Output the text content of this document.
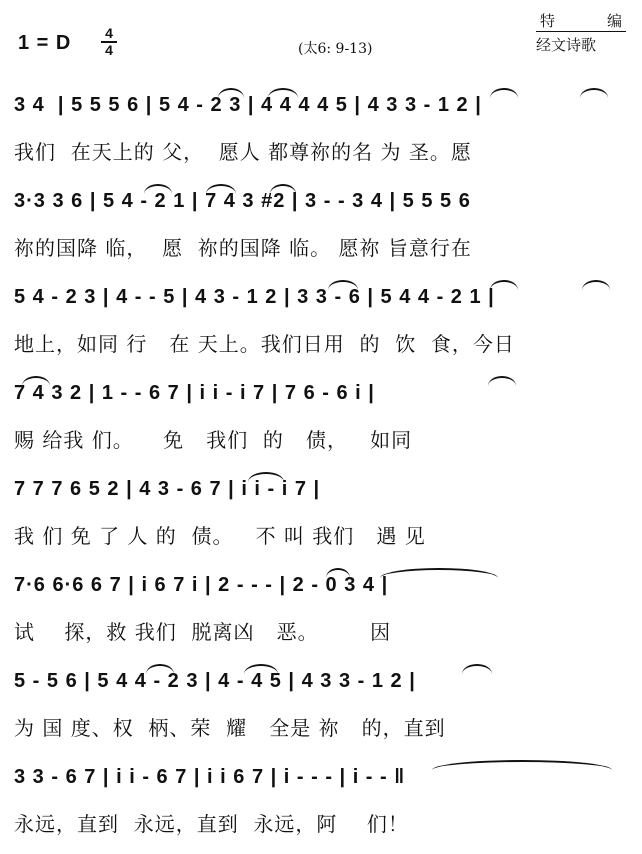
1 = D	4
4	(太6: 9-13)
特	编
经文诗歌
3 4  | 5 5 5 6 | 5 4 - 2 3 | 4 4 4 4 5 | 4 3 3 - 1 2 |
我们  在天上的 父，  愿人 都尊祢的名 为 圣。愿
3·3 3 6 | 5 4 - 2 1 | 7 4 3 #2 | 3 - - 3 4 | 5 5 5 6
祢的国降 临，  愿  祢的国降 临。 愿祢 旨意行在
5 4 - 2 3 | 4 - - 5 | 4 3 - 1 2 | 3 3 - 6 | 5 4 4 - 2 1 |
地上，如同 行   在 天上。我们日用  的  饮  食，今日
7 4 3 2 | 1 - - 6 7 | i i - i 7 | 7 6 - 6 i |
赐 给我 们。    免   我们  的   债，   如同
7 7 7 6 5 2 | 4 3 - 6 7 | i i - i 7 |
我 们 免 了 人 的  债。   不 叫 我们   遇 见
7·6 6·6 6 7 | i 6 7 i | 2 - - - | 2 - 0 3 4 |
试    探，救 我们  脱离凶   恶。       因
5 - 5 6 | 5 4 4 - 2 3 | 4 - 4 5 | 4 3 3 - 1 2 |
为 国 度、权  柄、荣  耀   全是 祢   的，直到
3 3 - 6 7 | i i - 6 7 | i i 6 7 | i - - - | i - - ‖
永远，直到  永远，直到  永远，阿    们！
